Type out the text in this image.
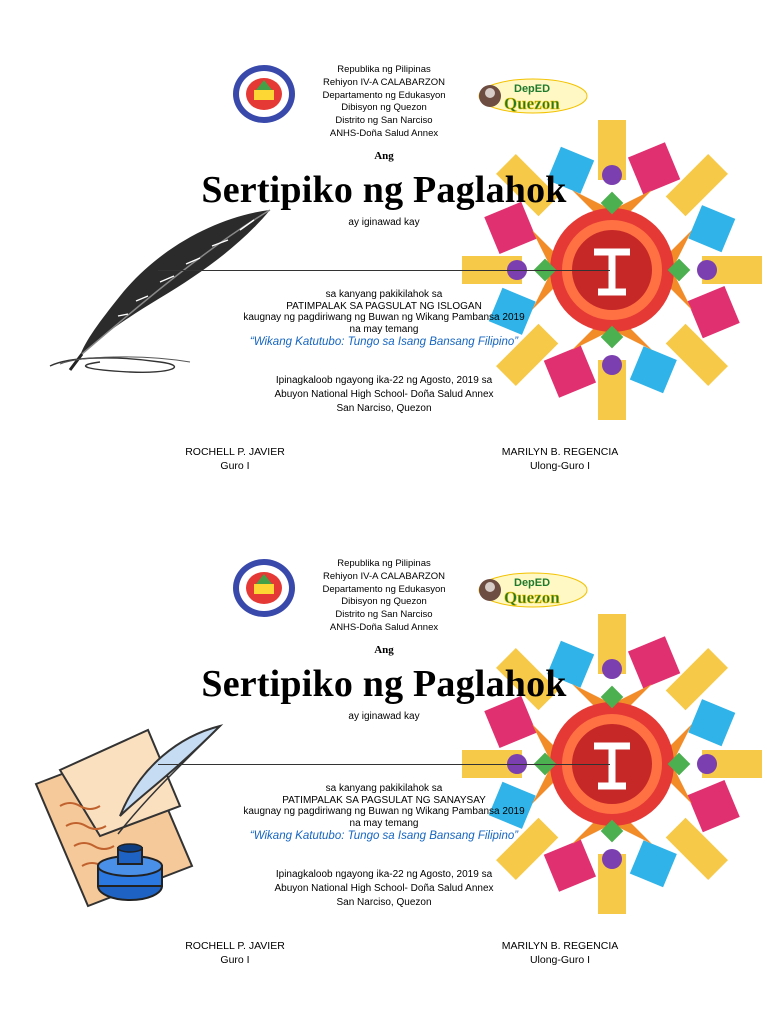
DepED
Quezon
Republika ng Pilipinas
Rehiyon IV-A CALABARZON
Departamento ng Edukasyon
Dibisyon ng Quezon
Distrito ng San Narciso
ANHS-Doña Salud Annex
Ang
Sertipiko ng Paglahok
ay iginawad kay
sa kanyang pakikilahok sa
PATIMPALAK SA PAGSULAT NG ISLOGAN
kaugnay ng pagdiriwang ng Buwan ng Wikang Pambansa 2019
na may temang
“Wikang Katutubo: Tungo sa Isang Bansang Filipino”
Ipinagkaloob ngayong ika-22 ng Agosto, 2019 sa
Abuyon National High School- Doña Salud Annex
San Narciso, Quezon
ROCHELL P. JAVIER
Guro I
MARILYN B. REGENCIA
Ulong-Guro I
DepED
Quezon
Republika ng Pilipinas
Rehiyon IV-A CALABARZON
Departamento ng Edukasyon
Dibisyon ng Quezon
Distrito ng San Narciso
ANHS-Doña Salud Annex
Ang
Sertipiko ng Paglahok
ay iginawad kay
sa kanyang pakikilahok sa
PATIMPALAK SA PAGSULAT NG SANAYSAY
kaugnay ng pagdiriwang ng Buwan ng Wikang Pambansa 2019
na may temang
“Wikang Katutubo: Tungo sa Isang Bansang Filipino”
Ipinagkaloob ngayong ika-22 ng Agosto, 2019 sa
Abuyon National High School- Doña Salud Annex
San Narciso, Quezon
ROCHELL P. JAVIER
Guro I
MARILYN B. REGENCIA
Ulong-Guro I
